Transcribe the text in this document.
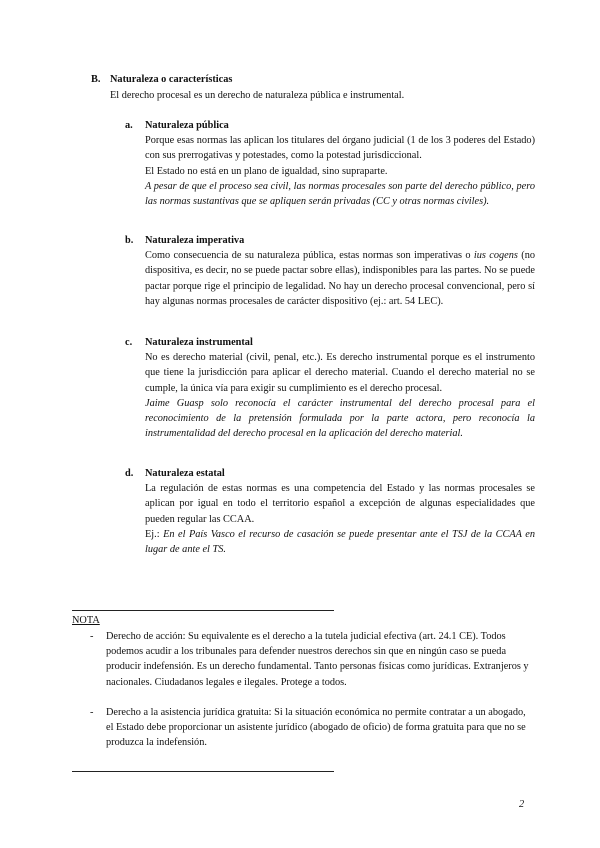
B. Naturaleza o características
El derecho procesal es un derecho de naturaleza pública e instrumental.
a. Naturaleza pública

Porque esas normas las aplican los titulares del órgano judicial (1 de los 3 poderes del Estado) con sus prerrogativas y potestades, como la potestad jurisdiccional.

El Estado no está en un plano de igualdad, sino supraparte.

A pesar de que el proceso sea civil, las normas procesales son parte del derecho público, pero las normas sustantivas que se apliquen serán privadas (CC y otras normas civiles).

b. Naturaleza imperativa

Como consecuencia de su naturaleza pública, estas normas son imperativas o ius cogens (no dispositiva, es decir, no se puede pactar sobre ellas), indisponibles para las partes. No se puede pactar porque rige el principio de legalidad. No hay un derecho procesal convencional, pero sí hay algunas normas procesales de carácter dispositivo (ej.: art. 54 LEC).

c. Naturaleza instrumental

No es derecho material (civil, penal, etc.). Es derecho instrumental porque es el instrumento que tiene la jurisdicción para aplicar el derecho material. Cuando el derecho material no se cumple, la única vía para exigir su cumplimiento es el derecho procesal.

Jaime Guasp solo reconocía el carácter instrumental del derecho procesal para el reconocimiento de la pretensión formulada por la parte actora, pero reconocía la instrumentalidad del derecho procesal en la aplicación del derecho material.

d. Naturaleza estatal

La regulación de estas normas es una competencia del Estado y las normas procesales se aplican por igual en todo el territorio español a excepción de algunas especialidades que pueden regular las CCAA.

Ej.: En el País Vasco el recurso de casación se puede presentar ante el TSJ de la CCAA en lugar de ante el TS.

NOTA
- Derecho de acción: Su equivalente es el derecho a la tutela judicial efectiva (art. 24.1 CE). Todos podemos acudir a los tribunales para defender nuestros derechos sin que en ningún caso se pueda producir indefensión. Es un derecho fundamental. Tanto personas físicas como jurídicas. Extranjeros y nacionales. Ciudadanos legales e ilegales. Protege a todos.
- Derecho a la asistencia jurídica gratuita: Si la situación económica no permite contratar a un abogado, el Estado debe proporcionar un asistente jurídico (abogado de oficio) de forma gratuita para que no se produzca la indefensión.
2
